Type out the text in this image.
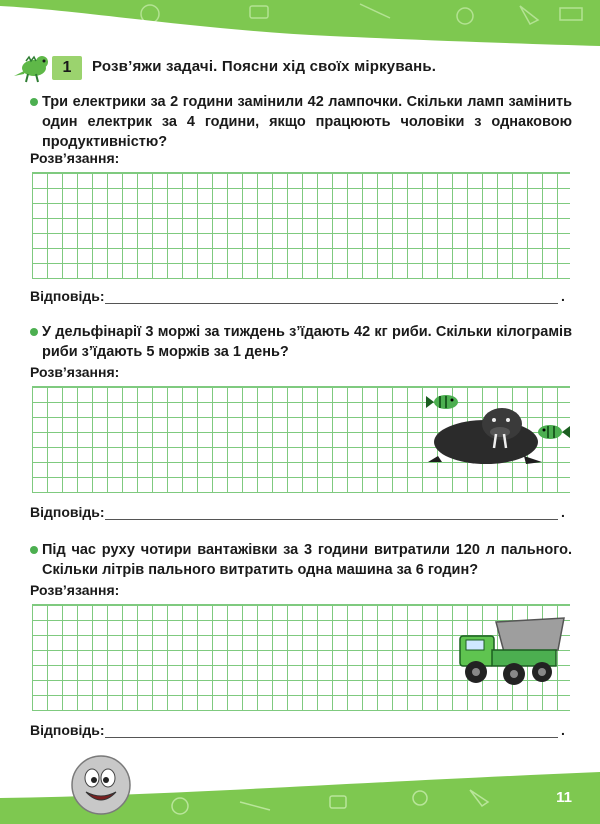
1	Розв’яжи задачі. Поясни хід своїх міркувань.
Три електрики за 2 години замінили 42 лампочки. Скільки ламп замінить один електрик за 4 години, якщо працюють чоловіки з однаковою продуктивністю?
Розв’язання:
Відповідь:	.
У дельфінарії 3 моржі за тиждень з’їдають 42 кг риби. Скільки кілограмів риби з’їдають 5 моржів за 1 день?
Розв’язання:
Відповідь:	.
Під час руху чотири вантажівки за 3 години витратили 120 л пального. Скільки літрів пального витратить одна машина за 6 годин?
Розв’язання:
Відповідь:	.
11
